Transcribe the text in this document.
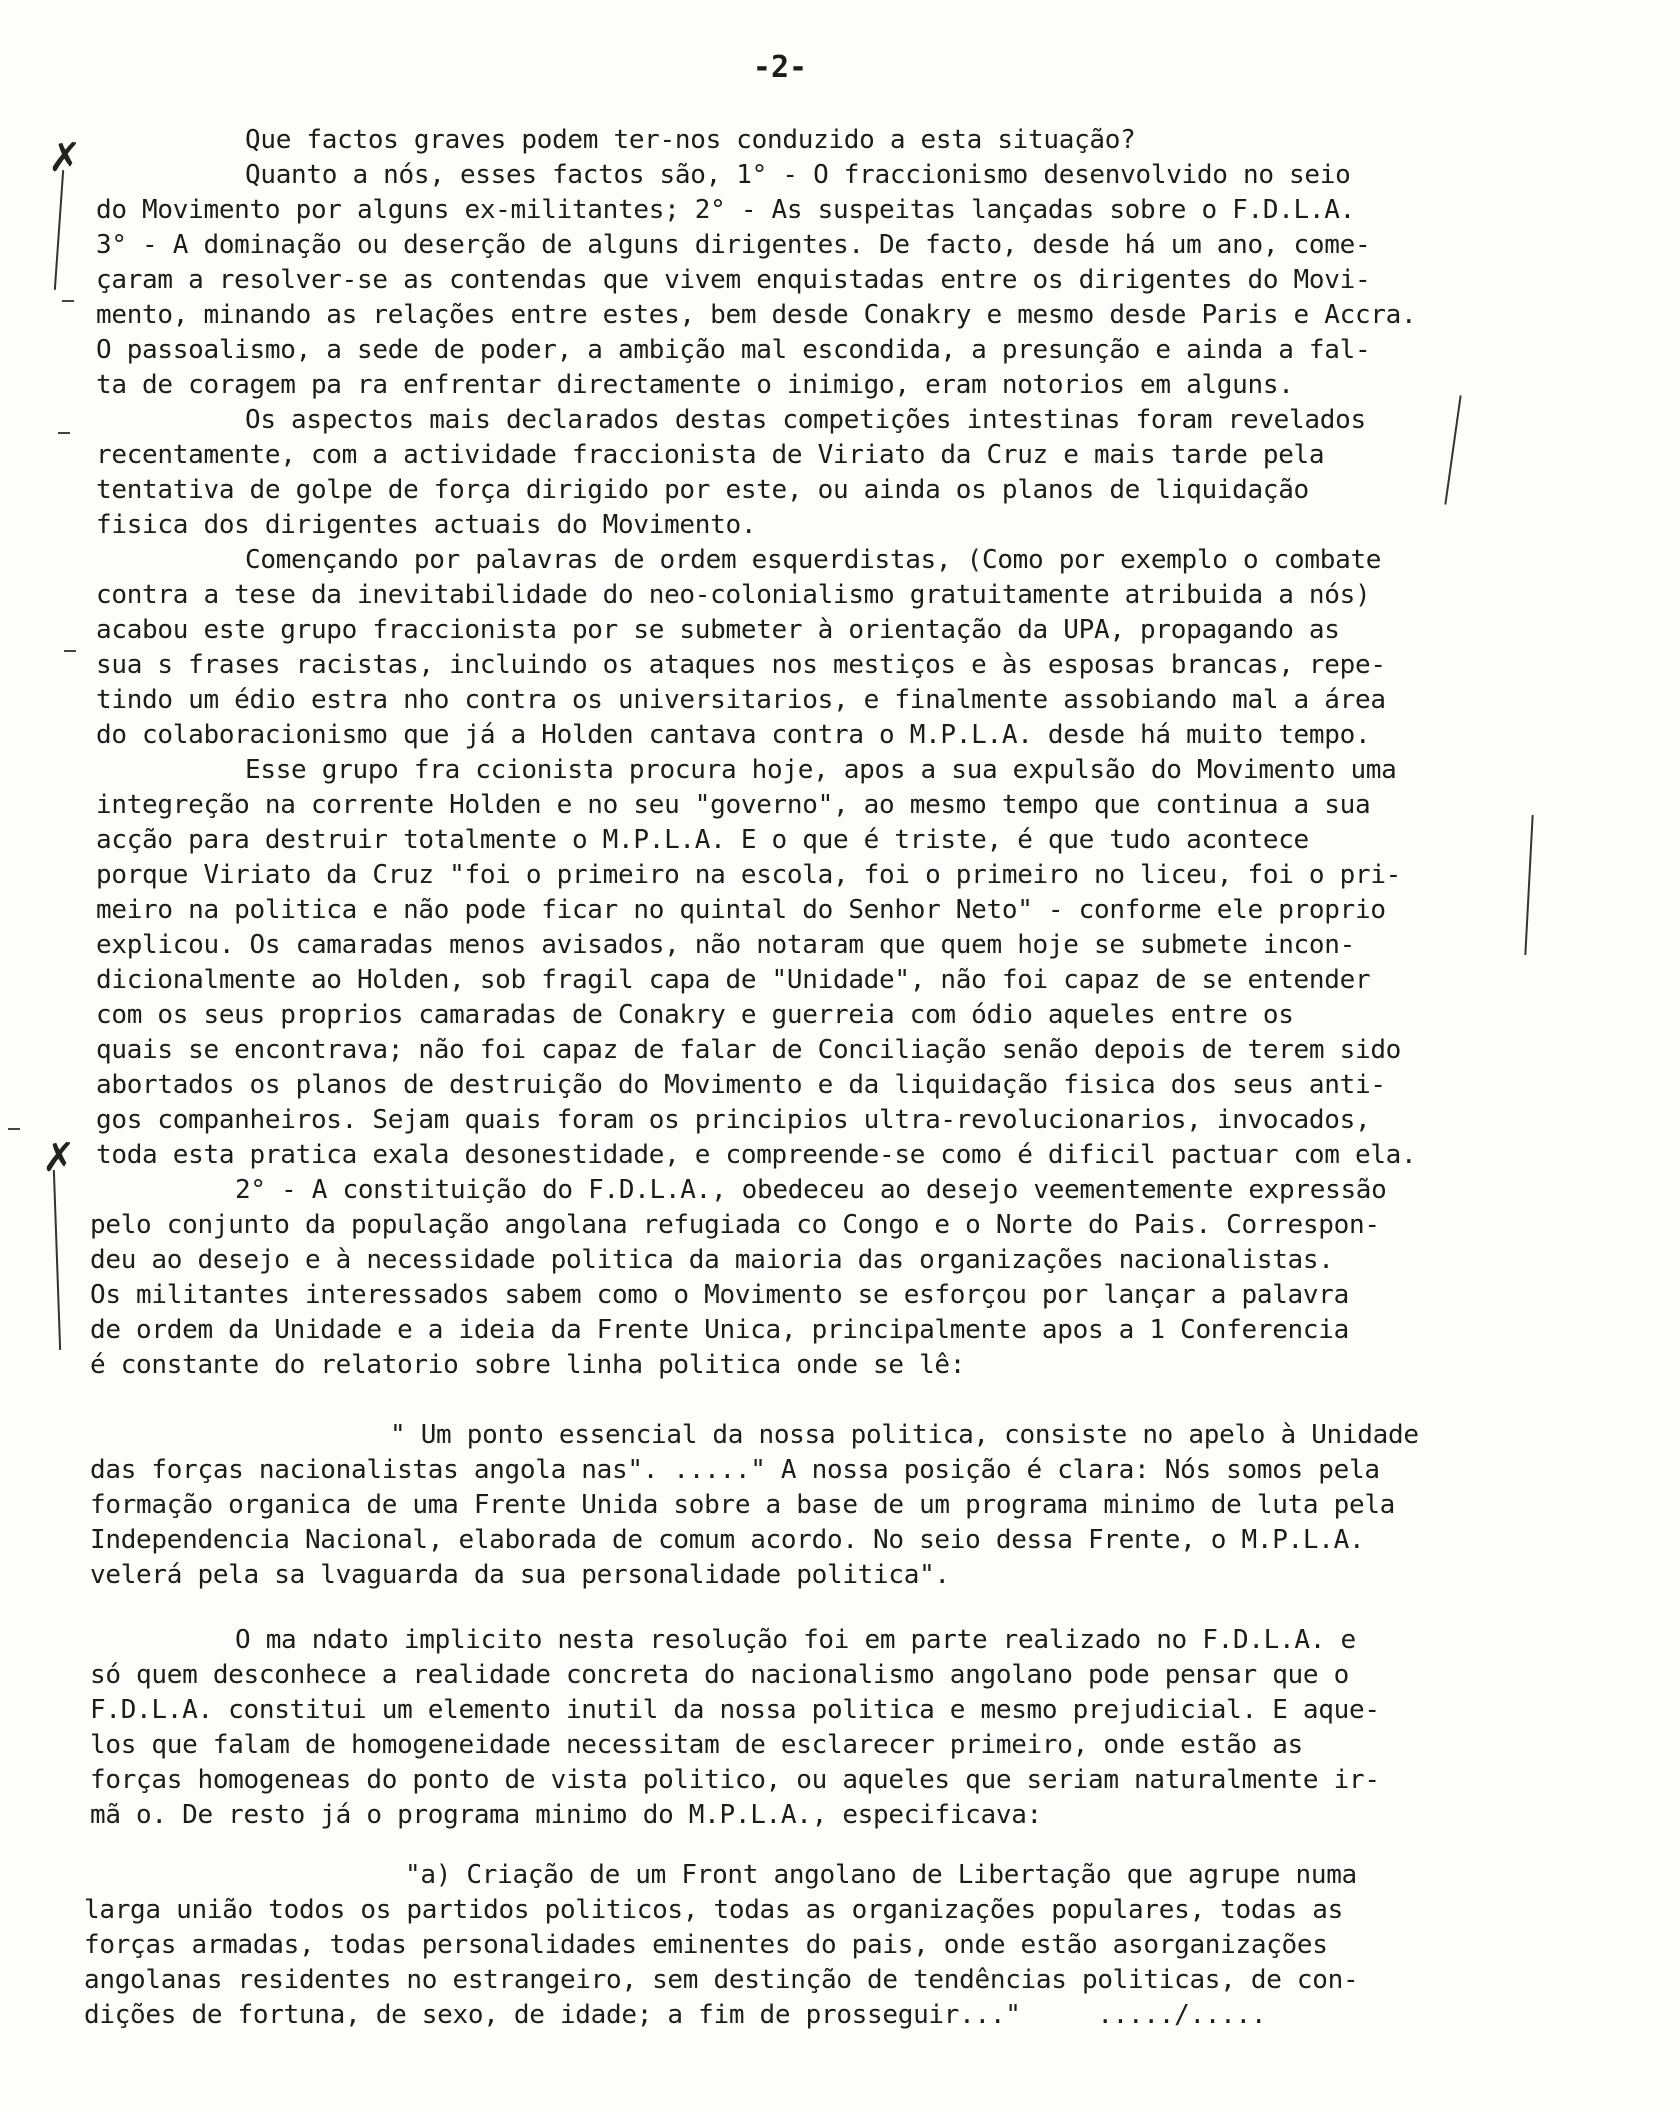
-2-
✗
✗
Que factos graves podem ter-nos conduzido a esta situação?
Quanto a nós, esses factos são, 1° - O fraccionismo desenvolvido no seio
do Movimento por alguns ex-militantes; 2° - As suspeitas lançadas sobre o F.D.L.A.
3° - A dominação ou deserção de alguns dirigentes. De facto, desde há um ano, come-
çaram a resolver-se as contendas que vivem enquistadas entre os dirigentes do Movi-
mento, minando as relações entre estes, bem desde Conakry e mesmo desde Paris e Accra.
O passoalismo, a sede de poder, a ambição mal escondida, a presunção e ainda a fal-
ta de coragem pa ra enfrentar directamente o inimigo, eram notorios em alguns.
Os aspectos mais declarados destas competições intestinas foram revelados
recentamente, com a actividade fraccionista de Viriato da Cruz e mais tarde pela
tentativa de golpe de força dirigido por este, ou ainda os planos de liquidação
fisica dos dirigentes actuais do Movimento.
Començando por palavras de ordem esquerdistas, (Como por exemplo o combate
contra a tese da inevitabilidade do neo-colonialismo gratuitamente atribuida a nós)
acabou este grupo fraccionista por se submeter à orientação da UPA, propagando as
sua s frases racistas, incluindo os ataques nos mestiços e às esposas brancas, repe-
tindo um édio estra nho contra os universitarios, e finalmente assobiando mal a área
do colaboracionismo que já a Holden cantava contra o M.P.L.A. desde há muito tempo.
Esse grupo fra ccionista procura hoje, apos a sua expulsão do Movimento uma
integreção na corrente Holden e no seu "governo", ao mesmo tempo que continua a sua
acção para destruir totalmente o M.P.L.A. E o que é triste, é que tudo acontece
porque Viriato da Cruz "foi o primeiro na escola, foi o primeiro no liceu, foi o pri-
meiro na politica e não pode ficar no quintal do Senhor Neto" - conforme ele proprio
explicou. Os camaradas menos avisados, não notaram que quem hoje se submete incon-
dicionalmente ao Holden, sob fragil capa de "Unidade", não foi capaz de se entender
com os seus proprios camaradas de Conakry e guerreia com ódio aqueles entre os
quais se encontrava; não foi capaz de falar de Conciliação senão depois de terem sido
abortados os planos de destruição do Movimento e da liquidação fisica dos seus anti-
gos companheiros. Sejam quais foram os principios ultra-revolucionarios, invocados,
toda esta pratica exala desonestidade, e compreende-se como é dificil pactuar com ela.
2° - A constituição do F.D.L.A., obedeceu ao desejo veementemente expressão
pelo conjunto da população angolana refugiada co Congo e o Norte do Pais. Correspon-
deu ao desejo e à necessidade politica da maioria das organizações nacionalistas.
Os militantes interessados sabem como o Movimento se esforçou por lançar a palavra
de ordem da Unidade e a ideia da Frente Unica, principalmente apos a 1 Conferencia
é constante do relatorio sobre linha politica onde se lê:
" Um ponto essencial da nossa politica, consiste no apelo à Unidade
das forças nacionalistas angola nas". ....." A nossa posição é clara: Nós somos pela
formação organica de uma Frente Unida sobre a base de um programa minimo de luta pela
Independencia Nacional, elaborada de comum acordo. No seio dessa Frente, o M.P.L.A.
velerá pela sa lvaguarda da sua personalidade politica".
O ma ndato implicito nesta resolução foi em parte realizado no F.D.L.A. e
só quem desconhece a realidade concreta do nacionalismo angolano pode pensar que o
F.D.L.A. constitui um elemento inutil da nossa politica e mesmo prejudicial. E aque-
los que falam de homogeneidade necessitam de esclarecer primeiro, onde estão as
forças homogeneas do ponto de vista politico, ou aqueles que seriam naturalmente ir-
mã o. De resto já o programa minimo do M.P.L.A., especificava:
"a) Criação de um Front angolano de Libertação que agrupe numa
larga união todos os partidos politicos, todas as organizações populares, todas as
forças armadas, todas personalidades eminentes do pais, onde estão asorganizações
angolanas residentes no estrangeiro, sem destinção de tendências politicas, de con-
dições de fortuna, de sexo, de idade; a fim de prosseguir..."     ...../.....
